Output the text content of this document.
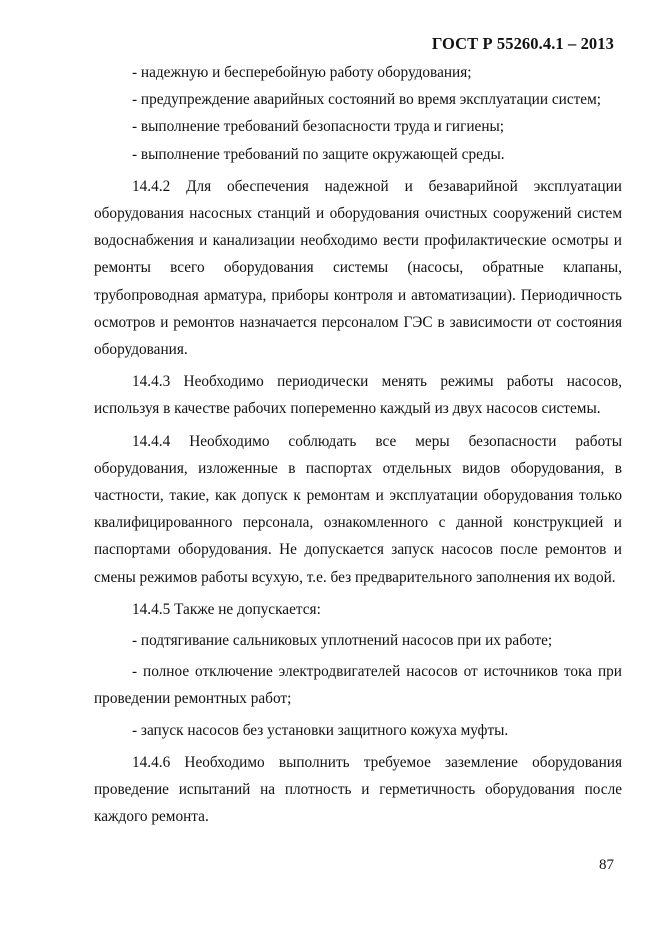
ГОСТ Р 55260.4.1 – 2013

- надежную и бесперебойную работу оборудования;

- предупреждение аварийных состояний во время эксплуатации систем;

- выполнение требований безопасности труда и гигиены;

- выполнение требований по защите окружающей среды.

14.4.2 Для обеспечения надежной и безаварийной эксплуатации оборудования насосных станций и оборудования очистных сооружений систем водоснабжения и канализации необходимо вести профилактические осмотры и ремонты всего оборудования системы (насосы, обратные клапаны, трубопроводная арматура, приборы контроля и автоматизации). Периодичность осмотров и ремонтов назначается персоналом ГЭС в зависимости от состояния оборудования.

14.4.3 Необходимо периодически менять режимы работы насосов, используя в качестве рабочих попеременно каждый из двух насосов системы.

14.4.4 Необходимо соблюдать все меры безопасности работы оборудования, изложенные в паспортах отдельных видов оборудования, в частности, такие, как допуск к ремонтам и эксплуатации оборудования только квалифицированного персонала, ознакомленного с данной конструкцией и паспортами оборудования. Не допускается запуск насосов после ремонтов и смены режимов работы всухую, т.е. без предварительного заполнения их водой.

14.4.5 Также не допускается:

- подтягивание сальниковых уплотнений насосов при их работе;

- полное отключение электродвигателей насосов от источников тока при проведении ремонтных работ;

- запуск насосов без установки защитного кожуха муфты.

14.4.6 Необходимо выполнить требуемое заземление оборудования проведение испытаний на плотность и герметичность оборудования после каждого ремонта.

87
